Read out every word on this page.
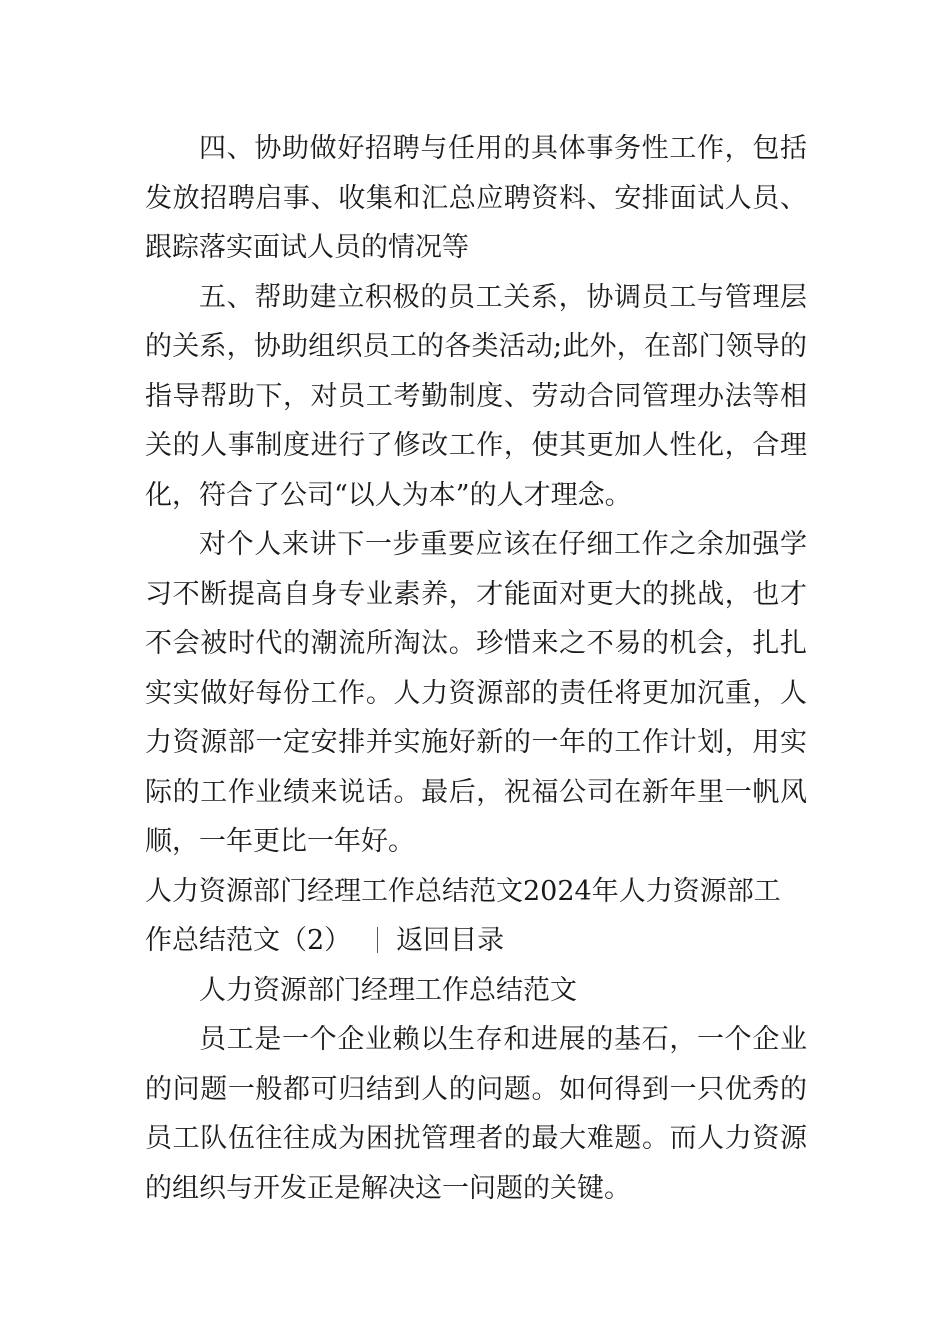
四、协助做好招聘与任用的具体事务性工作，包括发放招聘启事、收集和汇总应聘资料、安排面试人员、跟踪落实面试人员的情况等

五、帮助建立积极的员工关系，协调员工与管理层的关系，协助组织员工的各类活动;此外，在部门领导的指导帮助下，对员工考勤制度、劳动合同管理办法等相关的人事制度进行了修改工作，使其更加人性化，合理化，符合了公司“以人为本”的人才理念。

对个人来讲下一步重要应该在仔细工作之余加强学习不断提高自身专业素养，才能面对更大的挑战，也才不会被时代的潮流所淘汰。珍惜来之不易的机会，扎扎实实做好每份工作。人力资源部的责任将更加沉重，人力资源部一定安排并实施好新的一年的工作计划，用实际的工作业绩来说话。最后，祝福公司在新年里一帆风顺，一年更比一年好。

人力资源部门经理工作总结范文2024年人力资源部工作总结范文（2） 返回目录

人力资源部门经理工作总结范文

员工是一个企业赖以生存和进展的基石，一个企业的问题一般都可归结到人的问题。如何得到一只优秀的员工队伍往往成为困扰管理者的最大难题。而人力资源的组织与开发正是解决这一问题的关键。
